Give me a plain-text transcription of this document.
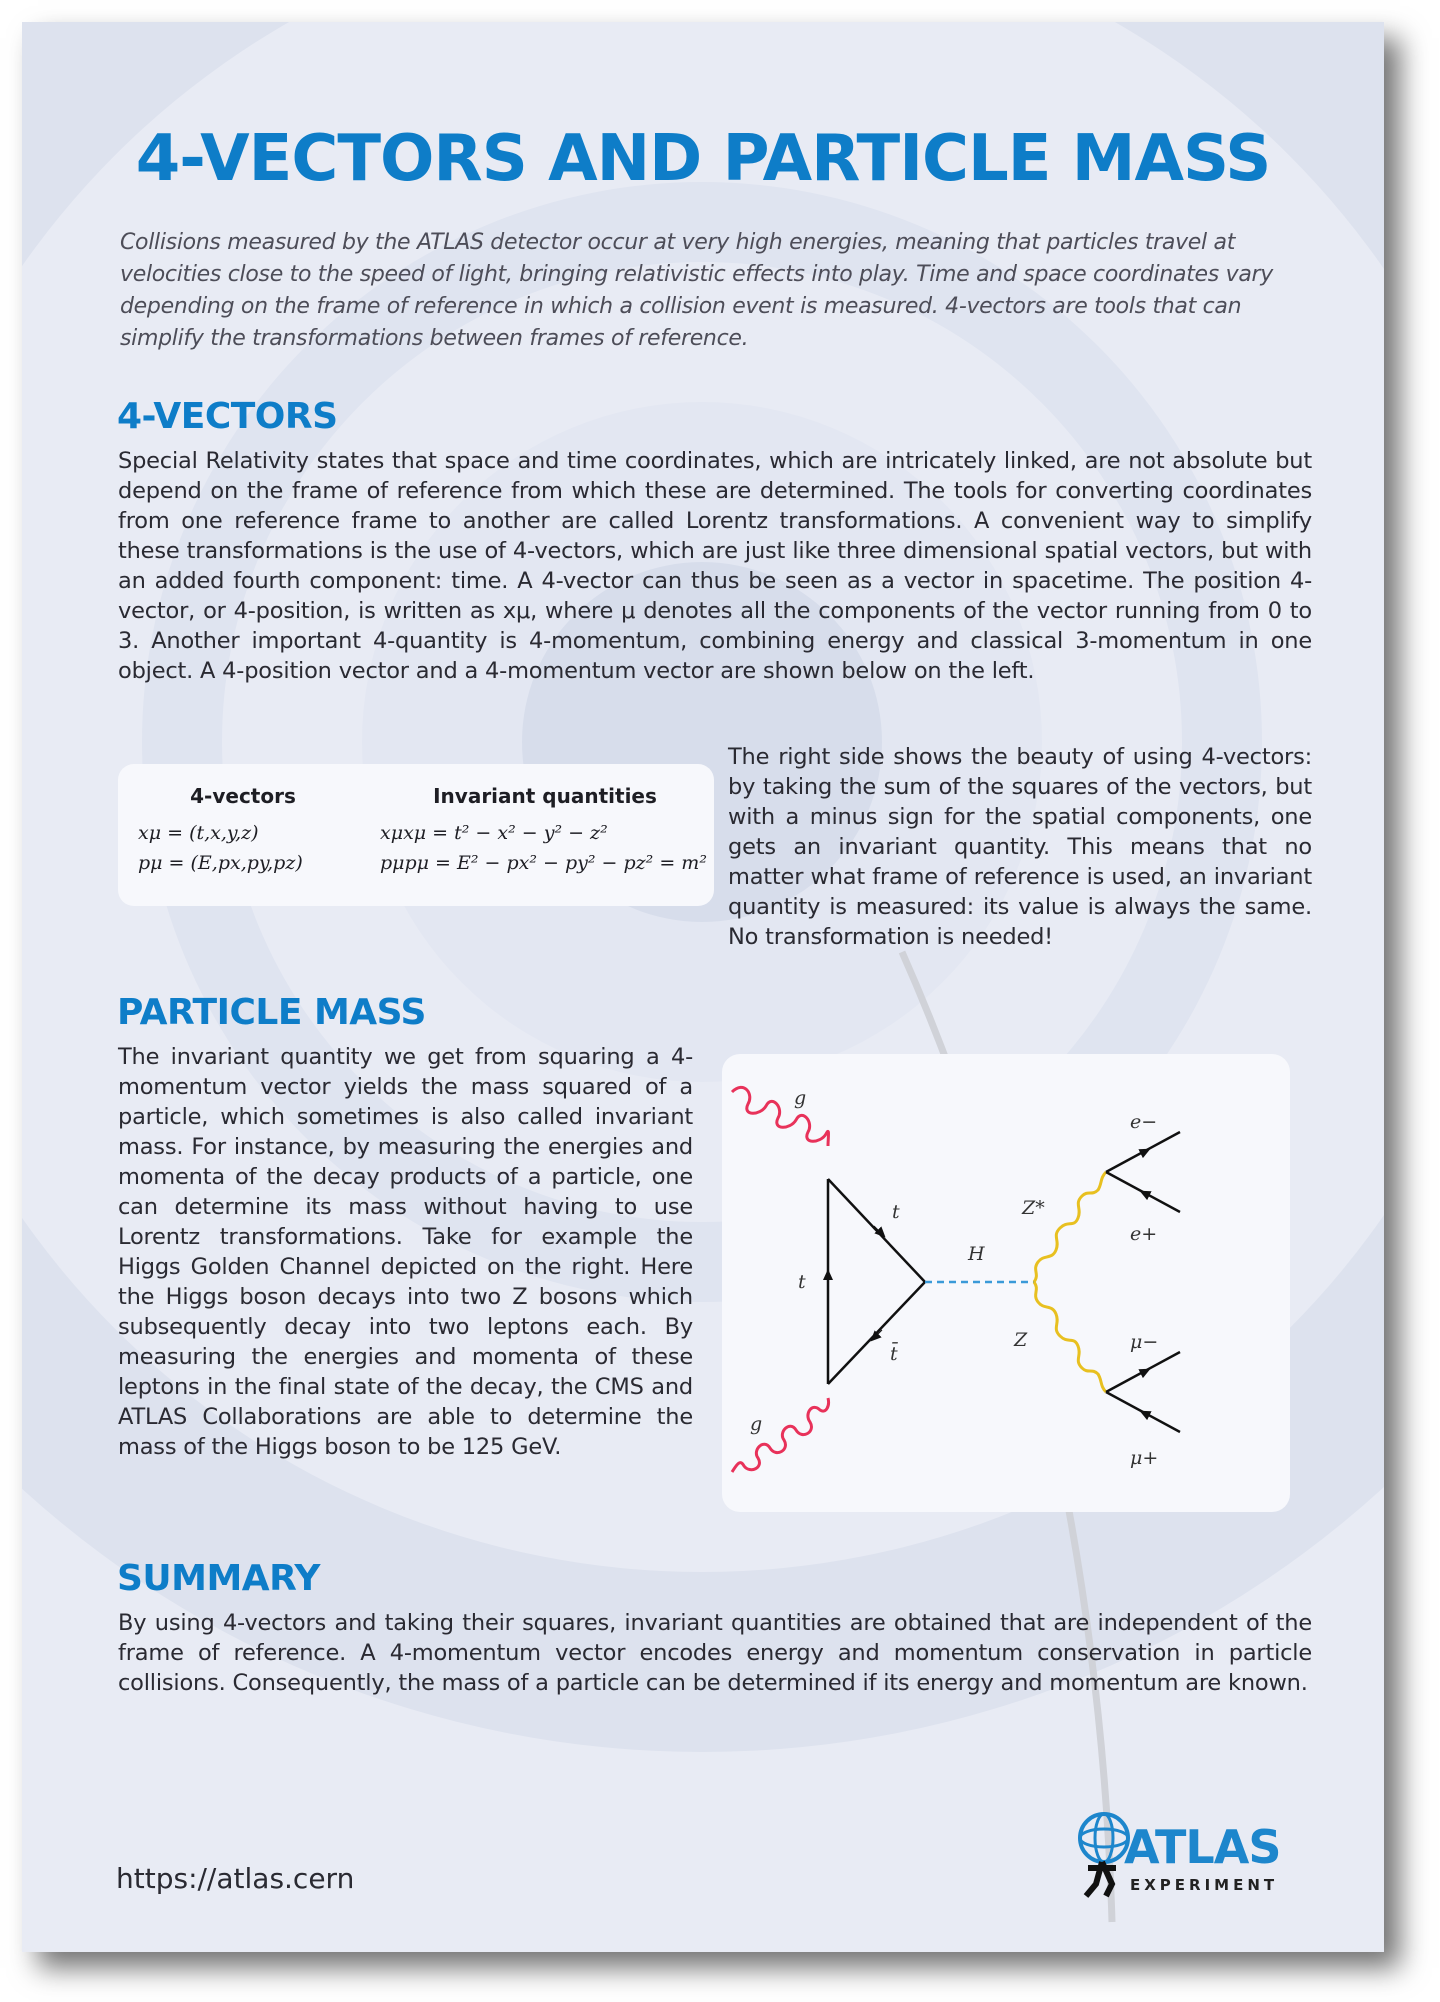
4-VECTORS AND PARTICLE MASS

Collisions measured by the ATLAS detector occur at very high energies, meaning that particles travel at velocities close to the speed of light, bringing relativistic effects into play. Time and space coordinates vary depending on the frame of reference in which a collision event is measured. 4-vectors are tools that can simplify the transformations between frames of reference.

4-VECTORS

Special Relativity states that space and time coordinates, which are intricately linked, are not absolute but depend on the frame of reference from which these are determined. The tools for converting coordinates from one reference frame to another are called Lorentz transformations. A convenient way to simplify these transformations is the use of 4-vectors, which are just like three dimensional spatial vectors, but with an added fourth component: time. A 4-vector can thus be seen as a vector in spacetime. The position 4-vector, or 4-position, is written as xμ, where μ denotes all the components of the vector running from 0 to 3. Another important 4-quantity is 4-momentum, combining energy and classical 3-momentum in one object. A 4-position vector and a 4-momentum vector are shown below on the left.

4-vectors
xμ = (t,x,y,z)
pμ = (E,px,py,pz)
Invariant quantities
xμxμ = t² − x² − y² − z²
pμpμ = E² − px² − py² − pz² = m²

The right side shows the beauty of using 4-vectors: by taking the sum of the squares of the vectors, but with a minus sign for the spatial components, one gets an invariant quantity. This means that no matter what frame of reference is used, an invariant quantity is measured: its value is always the same. No transformation is needed!

PARTICLE MASS

The invariant quantity we get from squaring a 4-momentum vector yields the mass squared of a particle, which sometimes is also called invariant mass. For instance, by measuring the energies and momenta of the decay products of a particle, one can determine its mass without having to use Lorentz transformations. Take for example the Higgs Golden Channel depicted on the right. Here the Higgs boson decays into two Z bosons which subsequently decay into two leptons each. By measuring the energies and momenta of these leptons in the final state of the decay, the CMS and ATLAS Collaborations are able to determine the mass of the Higgs boson to be 125 GeV.

g
g
t
t
t̄
H
Z*
Z
e−
e+
μ−
μ+
SUMMARY

By using 4-vectors and taking their squares, invariant quantities are obtained that are independent of the frame of reference. A 4-momentum vector encodes energy and momentum conservation in particle collisions. Consequently, the mass of a particle can be determined if its energy and momentum are known.

https://atlas.cern

ATLAS
EXPERIMENT
